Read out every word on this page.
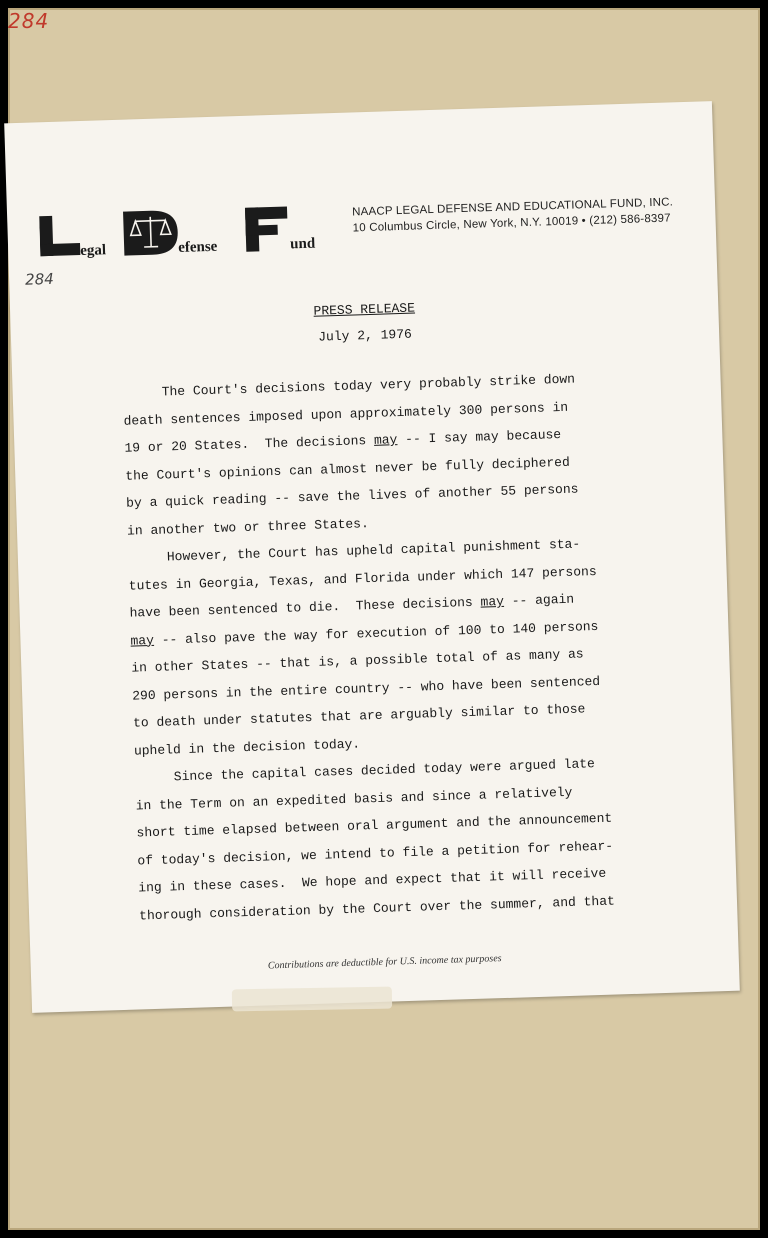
284
egal	efense	und
NAACP LEGAL DEFENSE AND EDUCATIONAL FUND, INC.
10 Columbus Circle, New York, N.Y. 10019 • (212) 586-8397
284
PRESS RELEASE
July 2, 1976
The Court's decisions today very probably strike down
death sentences imposed upon approximately 300 persons in
19 or 20 States.  The decisions may -- I say may because
the Court's opinions can almost never be fully deciphered
by a quick reading -- save the lives of another 55 persons
in another two or three States.
However, the Court has upheld capital punishment sta-
tutes in Georgia, Texas, and Florida under which 147 persons
have been sentenced to die.  These decisions may -- again
may -- also pave the way for execution of 100 to 140 persons
in other States -- that is, a possible total of as many as
290 persons in the entire country -- who have been sentenced
to death under statutes that are arguably similar to those
upheld in the decision today.
Since the capital cases decided today were argued late
in the Term on an expedited basis and since a relatively
short time elapsed between oral argument and the announcement
of today's decision, we intend to file a petition for rehear-
ing in these cases.  We hope and expect that it will receive
thorough consideration by the Court over the summer, and that
Contributions are deductible for U.S. income tax purposes
